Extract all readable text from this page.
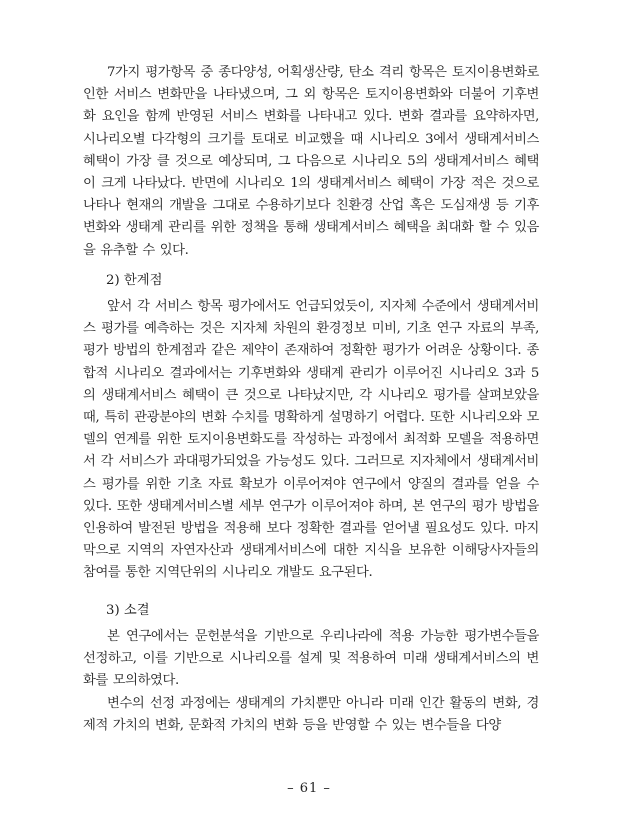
7가지 평가항목 중 종다양성, 어획생산량, 탄소 격리 항목은 토지이용변화로 인한 서비스 변화만을 나타냈으며, 그 외 항목은 토지이용변화와 더불어 기후변화 요인을 함께 반영된 서비스 변화를 나타내고 있다. 변화 결과를 요약하자면, 시나리오별 다각형의 크기를 토대로 비교했을 때 시나리오 3에서 생태계서비스 혜택이 가장 클 것으로 예상되며, 그 다음으로 시나리오 5의 생태계서비스 혜택이 크게 나타났다. 반면에 시나리오 1의 생태계서비스 혜택이 가장 적은 것으로 나타나 현재의 개발을 그대로 수용하기보다 친환경 산업 혹은 도심재생 등 기후변화와 생태계 관리를 위한 정책을 통해 생태계서비스 혜택을 최대화 할 수 있음을 유추할 수 있다.

2) 한계점

앞서 각 서비스 항목 평가에서도 언급되었듯이, 지자체 수준에서 생태계서비스 평가를 예측하는 것은 지자체 차원의 환경정보 미비, 기초 연구 자료의 부족, 평가 방법의 한계점과 같은 제약이 존재하여 정확한 평가가 어려운 상황이다. 종합적 시나리오 결과에서는 기후변화와 생태계 관리가 이루어진 시나리오 3과 5의 생태계서비스 혜택이 큰 것으로 나타났지만, 각 시나리오 평가를 살펴보았을 때, 특히 관광분야의 변화 수치를 명확하게 설명하기 어렵다. 또한 시나리오와 모델의 연계를 위한 토지이용변화도를 작성하는 과정에서 최적화 모델을 적용하면서 각 서비스가 과대평가되었을 가능성도 있다. 그러므로 지자체에서 생태계서비스 평가를 위한 기초 자료 확보가 이루어져야 연구에서 양질의 결과를 얻을 수 있다. 또한 생태계서비스별 세부 연구가 이루어져야 하며, 본 연구의 평가 방법을 인용하여 발전된 방법을 적용해 보다 정확한 결과를 얻어낼 필요성도 있다. 마지막으로 지역의 자연자산과 생태계서비스에 대한 지식을 보유한 이해당사자들의 참여를 통한 지역단위의 시나리오 개발도 요구된다.

3) 소결

본 연구에서는 문헌분석을 기반으로 우리나라에 적용 가능한 평가변수들을 선정하고, 이를 기반으로 시나리오를 설계 및 적용하여 미래 생태계서비스의 변화를 모의하였다.

변수의 선정 과정에는 생태계의 가치뿐만 아니라 미래 인간 활동의 변화, 경제적 가치의 변화, 문화적 가치의 변화 등을 반영할 수 있는 변수들을 다양

– 61 –
